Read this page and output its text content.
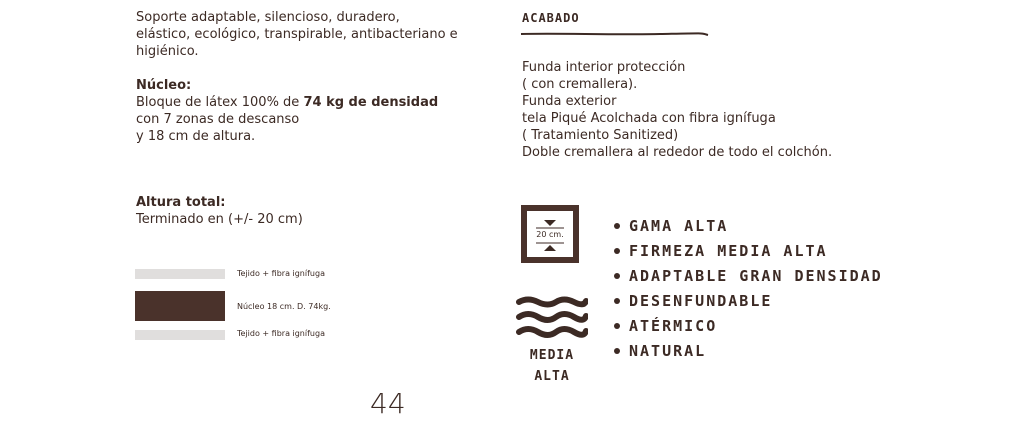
Soporte adaptable, silencioso, duradero,
elástico, ecológico, transpirable, antibacteriano e
higiénico.
Núcleo:
Bloque de látex 100% de 74 kg de densidad
con 7 zonas de descanso
y 18 cm de altura.
Altura total:
Terminado en (+/- 20 cm)
Tejido + fibra ignífuga
Núcleo 18 cm. D. 74kg.
Tejido + fibra ignífuga
44
ACABADO
Funda interior protección
( con cremallera).
Funda exterior
tela Piqué Acolchada con fibra ignífuga
( Tratamiento Sanitized)
Doble cremallera al rededor de todo el colchón.
20 cm.
MEDIA
ALTA
GAMA ALTA
FIRMEZA MEDIA ALTA
ADAPTABLE GRAN DENSIDAD
DESENFUNDABLE
ATÉRMICO
NATURAL
